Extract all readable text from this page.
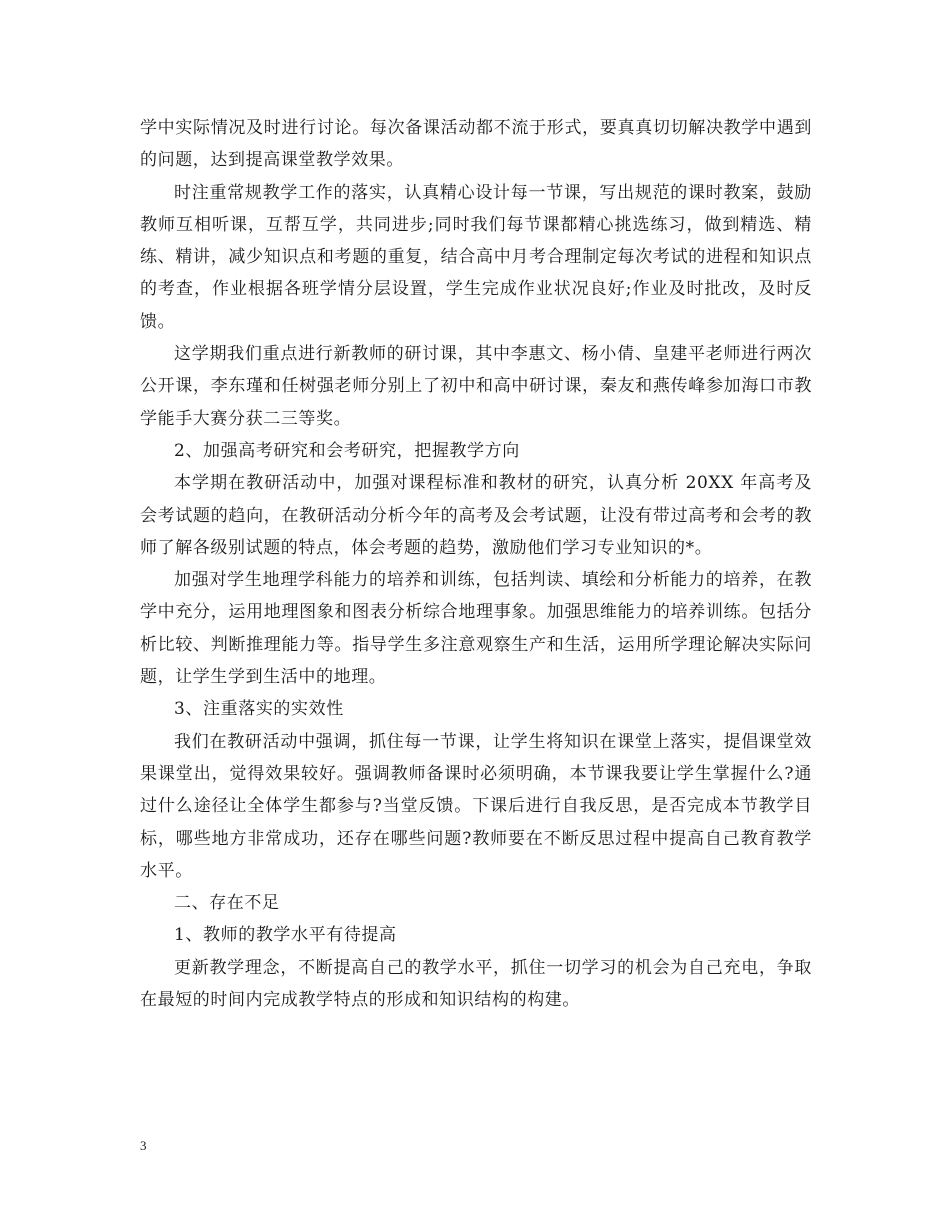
学中实际情况及时进行讨论。每次备课活动都不流于形式，要真真切切解决教学中遇到的问题，达到提高课堂教学效果。

时注重常规教学工作的落实，认真精心设计每一节课，写出规范的课时教案，鼓励教师互相听课，互帮互学，共同进步;同时我们每节课都精心挑选练习，做到精选、精练、精讲，减少知识点和考题的重复，结合高中月考合理制定每次考试的进程和知识点的考查，作业根据各班学情分层设置，学生完成作业状况良好;作业及时批改，及时反馈。

这学期我们重点进行新教师的研讨课，其中李惠文、杨小倩、皇建平老师进行两次公开课，李东瑾和任树强老师分别上了初中和高中研讨课，秦友和燕传峰参加海口市教学能手大赛分获二三等奖。

2、加强高考研究和会考研究，把握教学方向

本学期在教研活动中，加强对课程标准和教材的研究，认真分析 20XX 年高考及会考试题的趋向，在教研活动分析今年的高考及会考试题，让没有带过高考和会考的教师了解各级别试题的特点，体会考题的趋势，激励他们学习专业知识的*。

加强对学生地理学科能力的培养和训练，包括判读、填绘和分析能力的培养，在教学中充分，运用地理图象和图表分析综合地理事象。加强思维能力的培养训练。包括分析比较、判断推理能力等。指导学生多注意观察生产和生活，运用所学理论解决实际问题，让学生学到生活中的地理。

3、注重落实的实效性

我们在教研活动中强调，抓住每一节课，让学生将知识在课堂上落实，提倡课堂效果课堂出，觉得效果较好。强调教师备课时必须明确，本节课我要让学生掌握什么?通过什么途径让全体学生都参与?当堂反馈。下课后进行自我反思，是否完成本节教学目标，哪些地方非常成功，还存在哪些问题?教师要在不断反思过程中提高自己教育教学水平。

二、存在不足

1、教师的教学水平有待提高

更新教学理念，不断提高自己的教学水平，抓住一切学习的机会为自己充电，争取在最短的时间内完成教学特点的形成和知识结构的构建。

3
